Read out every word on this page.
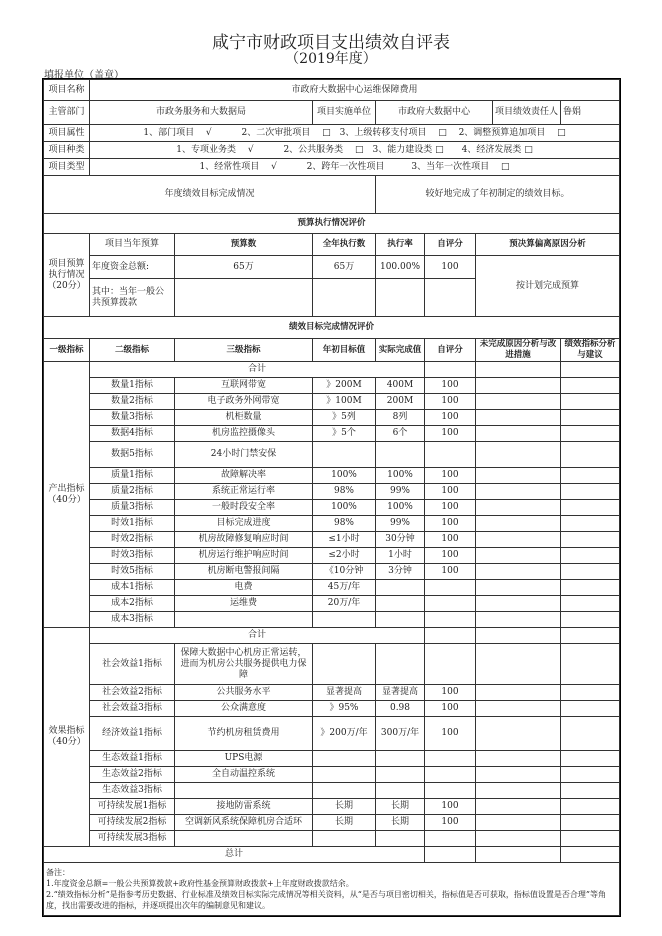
咸宁市财政项目支出绩效自评表
（2019年度）
填报单位（盖章）
项目名称	市政府大数据中心运维保障费用							
主管部门	市政务服务和大数据局		项目实施单位	市政府大数据中心			项目绩效责任人	鲁娟
项目属性	1、部门项目　 √　　　 2、二次审批项目　 □　3、上级转移支付项目　 □　 2、调整预算追加项目　 □							
项目种类	1、专项业务类　 √　　　 2、公共服务类　 □　3、能力建设类 □　　4、经济发展类 □							
项目类型	1、经常性项目　 √　　　 2、跨年一次性项目　　　3、当年一次性项目　 □							
年度绩效目标完成情况				较好地完成了年初制定的绩效目标。				
预算执行情况评价								
项目预算执行情况（20分）	项目当年预算	预算数	全年执行数	执行率	自评分	预决算偏离原因分析		
	年度资金总额:	65万	65万	100.00%	100	按计划完成预算		
	其中：当年一般公共预算拨款							
绩效目标完成情况评价								
一级指标	二级指标	三级指标	年初目标值	实际完成值	自评分	未完成原因分析与改进措施		绩效指标分析与建议
产出指标（40分）	合计							
	数量1指标	互联网带宽	》200M	400M	100			
	数量2指标	电子政务外网带宽	》100M	200M	100			
	数量3指标	机柜数量	》5列	8列	100			
	数据4指标	机房监控摄像头	》5个	6个	100			
	数据5指标	24小时门禁安保						
	质量1指标	故障解决率	100%	100%	100			
	质量2指标	系统正常运行率	98%	99%	100			
	质量3指标	一般时段安全率	100%	100%	100			
	时效1指标	目标完成进度	98%	99%	100			
	时效2指标	机房故障修复响应时间	≤1小时	30分钟	100			
	时效3指标	机房运行维护响应时间	≤2小时	1小时	100			
	时效5指标	机房断电警报间隔	《10分钟	3分钟	100			
	成本1指标	电费	45万/年					
	成本2指标	运维费	20万/年					
	成本3指标							
效果指标（40分）	合计							
	社会效益1指标	保障大数据中心机房正常运转，进而为机房公共服务提供电力保障						
	社会效益2指标	公共服务水平	显著提高	显著提高	100			
	社会效益3指标	公众满意度	》95%	0.98	100			
	经济效益1指标	节约机房租赁费用	》200万/年	300万/年	100			
	生态效益1指标	UPS电源						
	生态效益2指标	全自动温控系统						
	生态效益3指标							
	可持续发展1指标	接地防雷系统	长期	长期	100			
	可持续发展2指标	空调新风系统保障机房合适环	长期	长期	100			
	可持续发展3指标							
总计								

备注：
1.年度资金总额=一般公共预算拨款+政府性基金预算财政拨款+上年度财政拨款结余。
2.“绩效指标分析”是指参考历史数据、行业标准及绩效目标实际完成情况等相关资料，从“是否与项目密切相关，指标值是否可获取，指标值设置是否合理”等角度，找出需要改进的指标，并逐项提出次年的编制意见和建议。								
